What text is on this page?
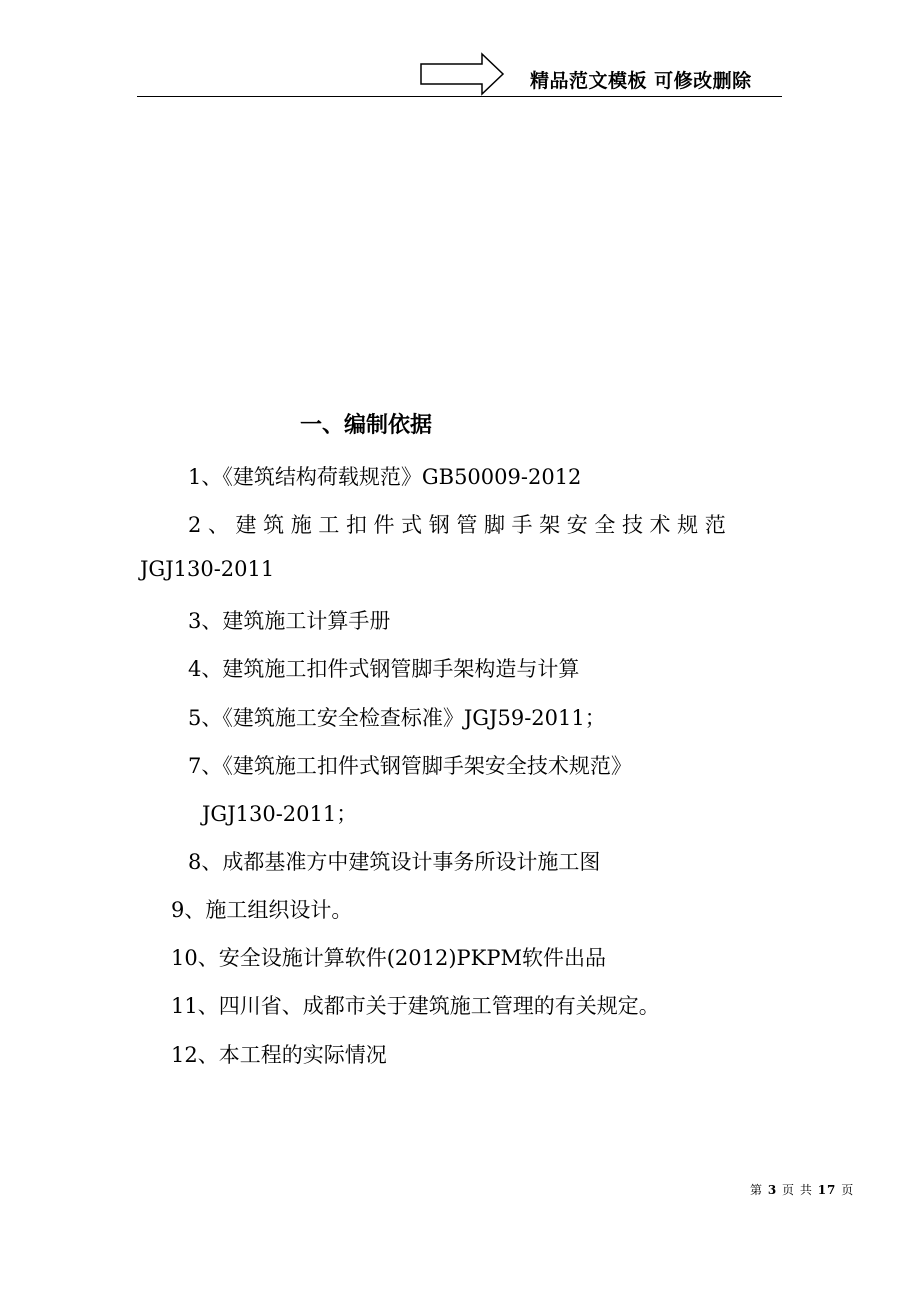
精品范文模板 可修改删除
一、编制依据
1、《建筑结构荷载规范》GB50009-2012
2、建筑施工扣件式钢管脚手架安全技术规范
JGJ130-2011
3、建筑施工计算手册
4、建筑施工扣件式钢管脚手架构造与计算
5、《建筑施工安全检查标准》JGJ59-2011；
7、《建筑施工扣件式钢管脚手架安全技术规范》
JGJ130-2011；
8、成都基准方中建筑设计事务所设计施工图
9、施工组织设计。
10、安全设施计算软件(2012)PKPM软件出品
11、四川省、成都市关于建筑施工管理的有关规定。
12、本工程的实际情况
第 3 页 共 17 页
